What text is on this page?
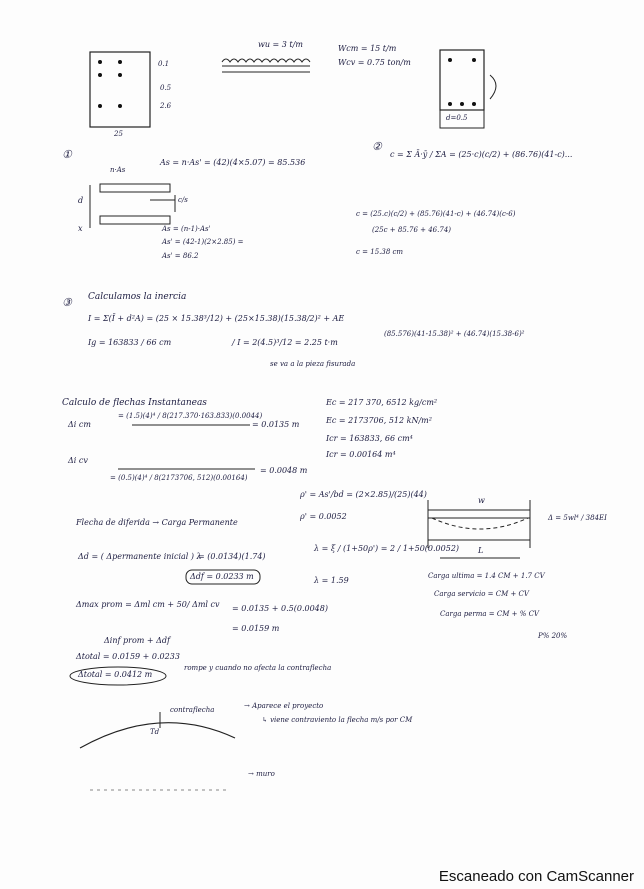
wu = 3 t/m	Wcm = 15 t/m
Wcv = 0.75 ton/m
0.1
0.5
2.6
25
d=0.5
①
As = n·As' = (42)(4×5.07) = 85.536
c/s
d
x
n·As
As = (n-1)·As'
As' = (42-1)(2×2.85) =
As' = 86.2
②
c = Σ Ā·ȳ / ΣA = (25·c)(c/2) + (86.76)(41-c)...
c = (25.c)(c/2) + (85.76)(41-c) + (46.74)(c-6)
(25c + 85.76 + 46.74)
c = 15.38 cm
③ Calculamos la inercia
I = Σ(Ī + d²A) = (25 × 15.38³/12) + (25×15.38)(15.38/2)² + AE
(85.576)(41-15.38)² + (46.74)(15.38-6)²
Ig = 163833 / 66 cm	/ I = 2(4.5)³/12 = 2.25 t·m
se va a la pieza fisurada
Calculo de flechas Instantaneas
Δi cm
= (1.5)(4)⁴ / 8(217.370·163.833)(0.0044)
= 0.0135 m
Δi cv
= (0.5)(4)⁴ / 8(2173706, 512)(0.00164)
= 0.0048 m
Ec = 217 370, 6512 kg/cm²
Ec = 2173706, 512 kN/m²
Icr = 163833, 66 cm⁴
Icr = 0.00164 m⁴
Flecha de diferida → Carga Permanente
Δd = ( Δpermanente inicial ) λ
= (0.0134)(1.74)
Δdf = 0.0233 m
ρ' = As'/bd = (2×2.85)/(25)(44)
ρ' = 0.0052
λ = ξ / (1+50ρ') = 2 / 1+50(0.0052)
λ = 1.59	Carga ultima = 1.4 CM + 1.7 CV
Carga servicio = CM + CV
Carga perma = CM + % CV
P% 20%
w
L
Δ = 5wl⁴ / 384EI
Δmax prom = Δml cm + 50/ Δml cv = 0.0135 + 0.5(0.0048)
= 0.0159 m
Δinf prom + Δdf
Δtotal = 0.0159 + 0.0233
Δtotal = 0.0412 m
rompe y cuando no afecta la contraflecha
contraflecha	→ Aparece el proyecto
↳ viene contraviento la flecha m/s por CM
Td
→ muro
Escaneado con CamScanner
